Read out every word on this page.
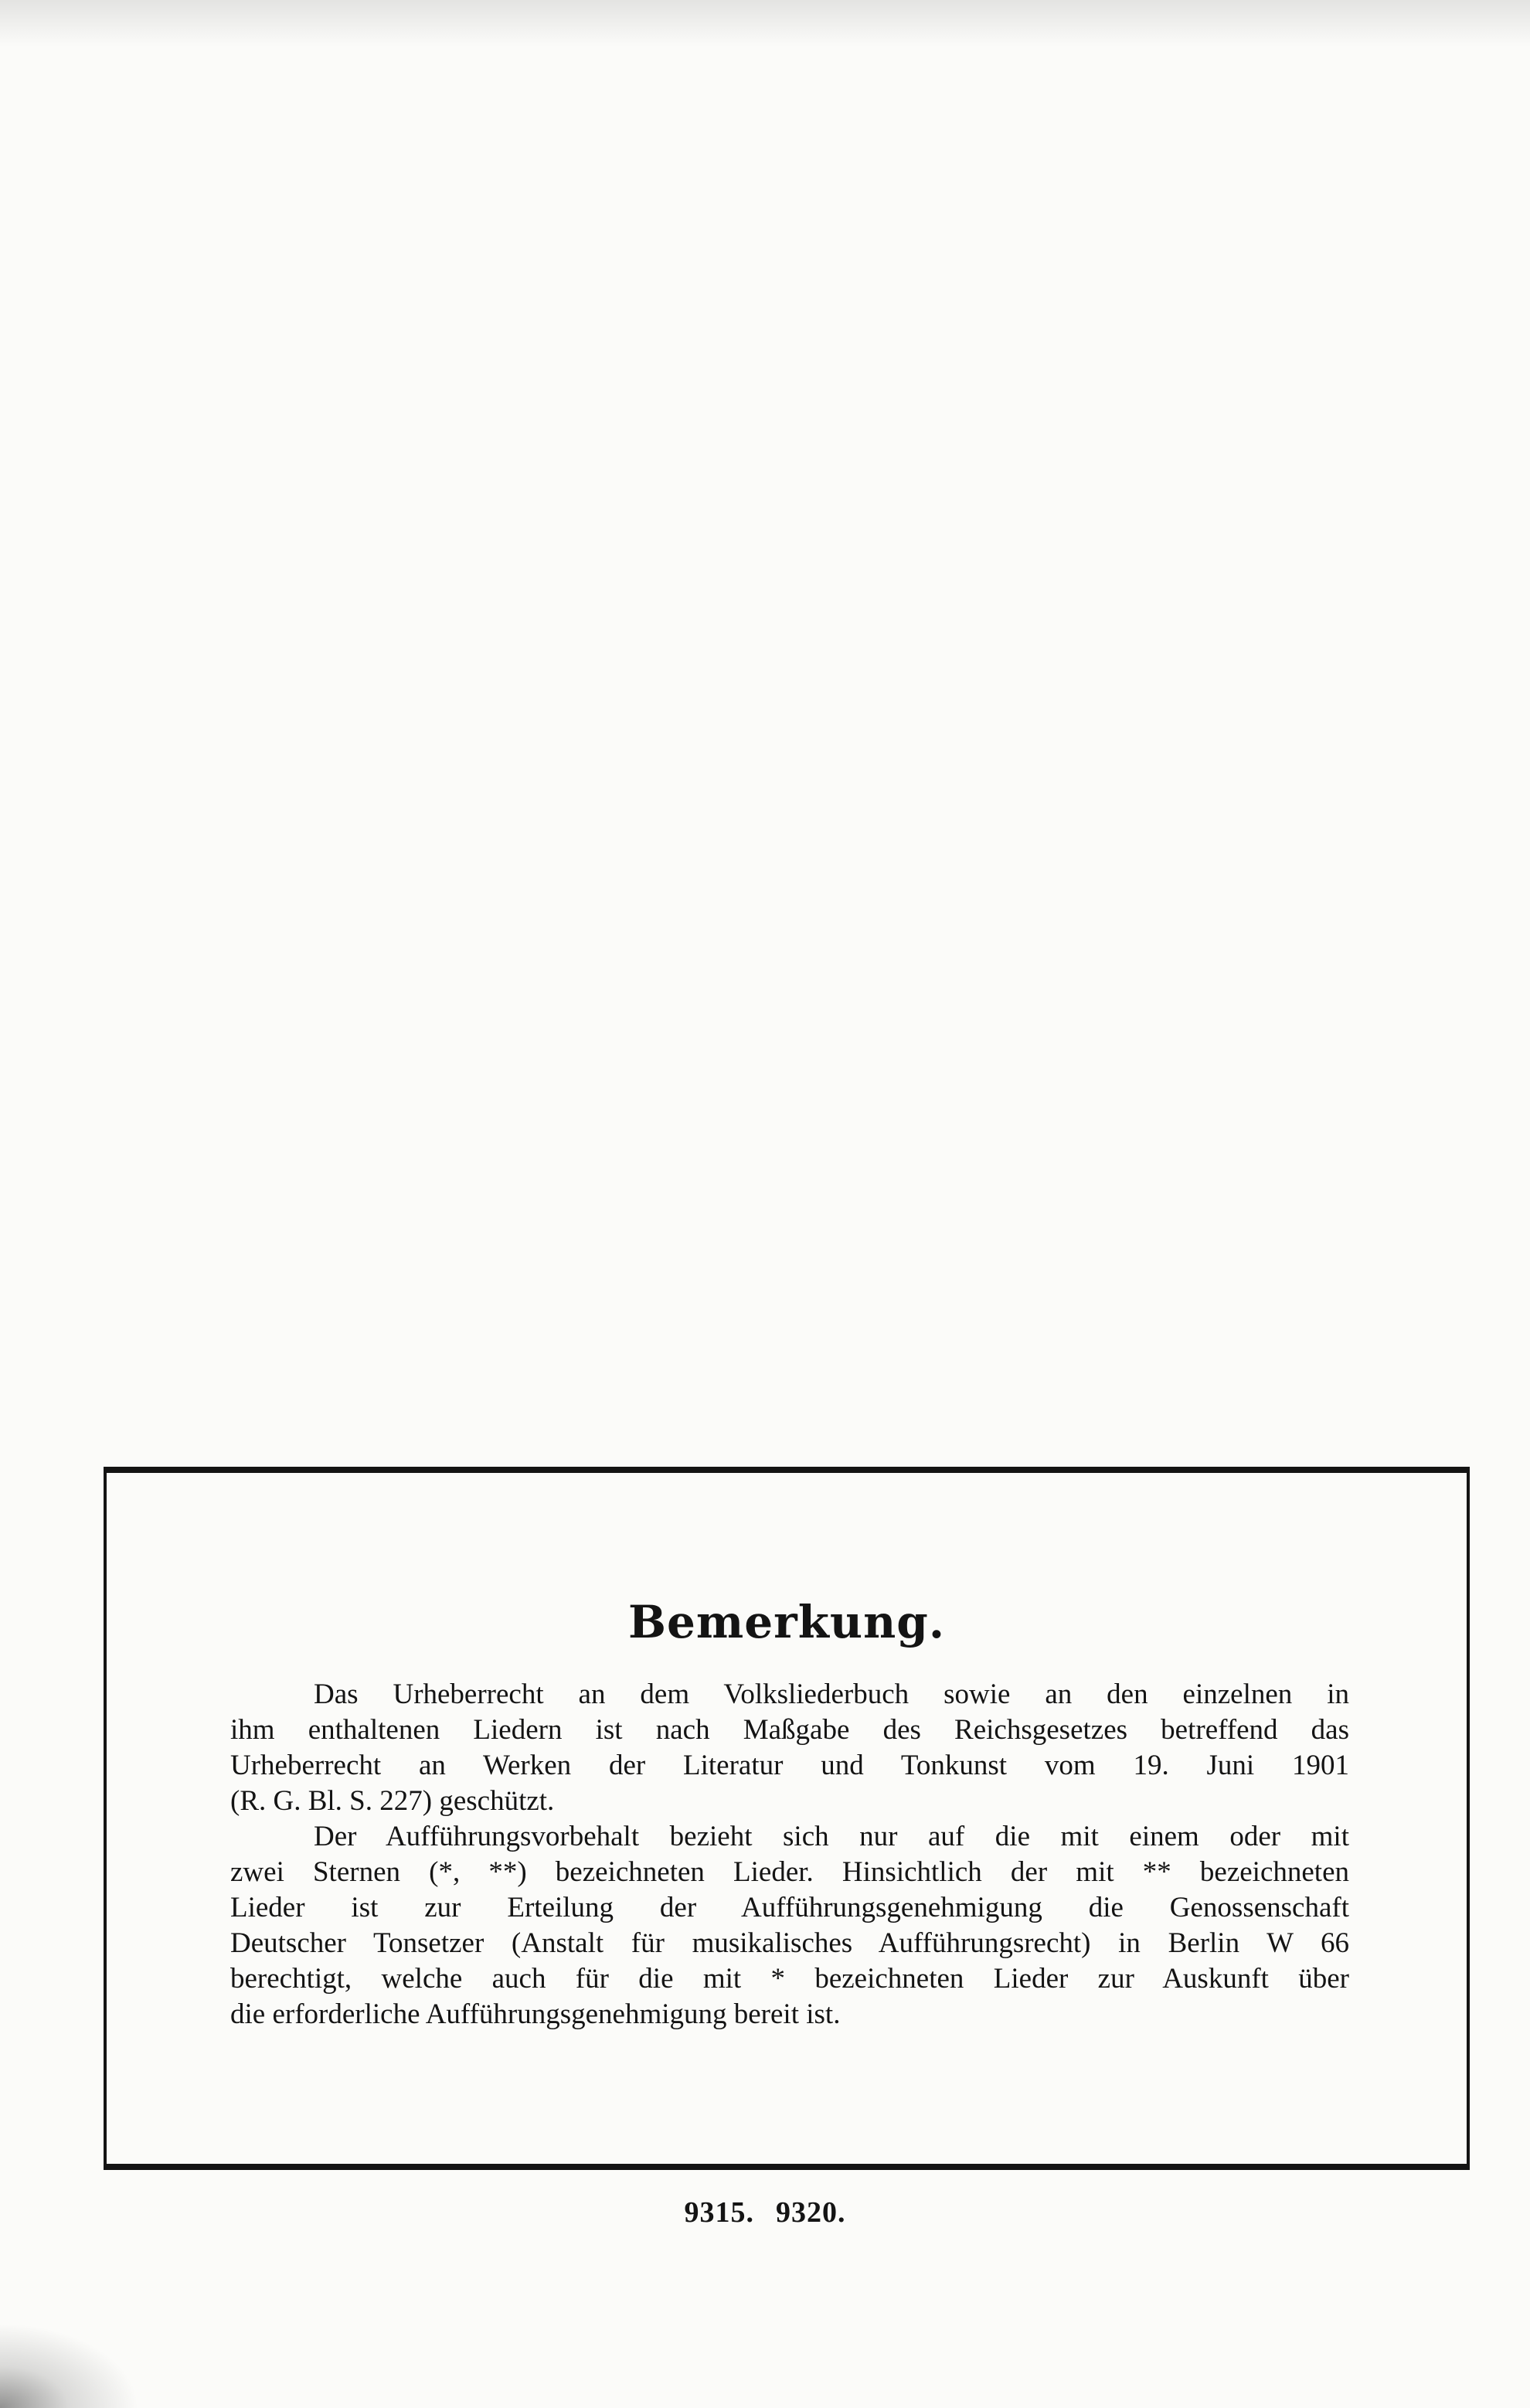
Bemerkung.

Das Urheberrecht an dem Volksliederbuch sowie an den einzelnen in
ihm enthaltenen Liedern ist nach Maßgabe des Reichsgesetzes betreffend das
Urheberrecht an Werken der Literatur und Tonkunst vom 19. Juni 1901
(R. G. Bl. S. 227) geschützt.

Der Aufführungsvorbehalt bezieht sich nur auf die mit einem oder mit
zwei Sternen (*, **) bezeichneten Lieder. Hinsichtlich der mit ** bezeichneten
Lieder ist zur Erteilung der Aufführungsgenehmigung die Genossenschaft
Deutscher Tonsetzer (Anstalt für musikalisches Aufführungsrecht) in Berlin W 66
berechtigt, welche auch für die mit * bezeichneten Lieder zur Auskunft über
die erforderliche Aufführungsgenehmigung bereit ist.

9315. 9320.
